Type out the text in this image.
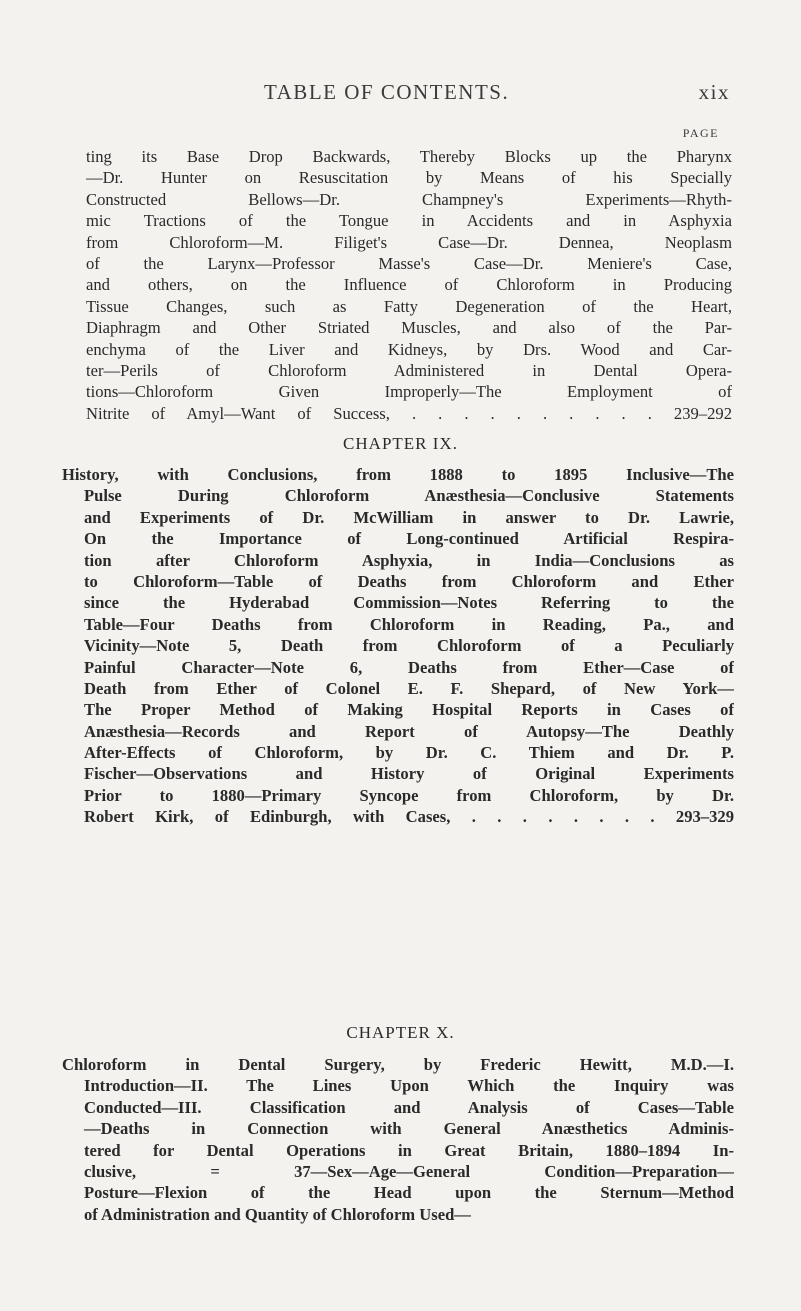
TABLE OF CONTENTS.	xix
PAGE
ting its Base Drop Backwards, Thereby Blocks up the Pharynx
—Dr. Hunter on Resuscitation by Means of his Specially
Constructed Bellows—Dr. Champney's Experiments—Rhyth-
mic Tractions of the Tongue in Accidents and in Asphyxia
from Chloroform—M. Filiget's Case—Dr. Dennea, Neoplasm
of the Larynx—Professor Masse's Case—Dr. Meniere's Case,
and others, on the Influence of Chloroform in Producing
Tissue Changes, such as Fatty Degeneration of the Heart,
Diaphragm and Other Striated Muscles, and also of the Par-
enchyma of the Liver and Kidneys, by Drs. Wood and Car-
ter—Perils of Chloroform Administered in Dental Opera-
tions—Chloroform Given Improperly—The Employment of
Nitrite of Amyl—Want of Success, . . . . . . . . . . 239–292
CHAPTER IX.
History, with Conclusions, from 1888 to 1895 Inclusive—The
Pulse During Chloroform Anæsthesia—Conclusive Statements
and Experiments of Dr. McWilliam in answer to Dr. Lawrie,
On the Importance of Long-continued Artificial Respira-
tion after Chloroform Asphyxia, in India—Conclusions as
to Chloroform—Table of Deaths from Chloroform and Ether
since the Hyderabad Commission—Notes Referring to the
Table—Four Deaths from Chloroform in Reading, Pa., and
Vicinity—Note 5, Death from Chloroform of a Peculiarly
Painful Character—Note 6, Deaths from Ether—Case of
Death from Ether of Colonel E. F. Shepard, of New York—
The Proper Method of Making Hospital Reports in Cases of
Anæsthesia—Records and Report of Autopsy—The Deathly
After-Effects of Chloroform, by Dr. C. Thiem and Dr. P.
Fischer—Observations and History of Original Experiments
Prior to 1880—Primary Syncope from Chloroform, by Dr.
Robert Kirk, of Edinburgh, with Cases, . . . . . . . . 293–329
CHAPTER X.
Chloroform in Dental Surgery, by Frederic Hewitt, M.D.—I.
Introduction—II. The Lines Upon Which the Inquiry was
Conducted—III. Classification and Analysis of Cases—Table
—Deaths in Connection with General Anæsthetics Adminis-
tered for Dental Operations in Great Britain, 1880–1894 In-
clusive, = 37—Sex—Age—General Condition—Preparation—
Posture—Flexion of the Head upon the Sternum—Method
of Administration and Quantity of Chloroform Used—
